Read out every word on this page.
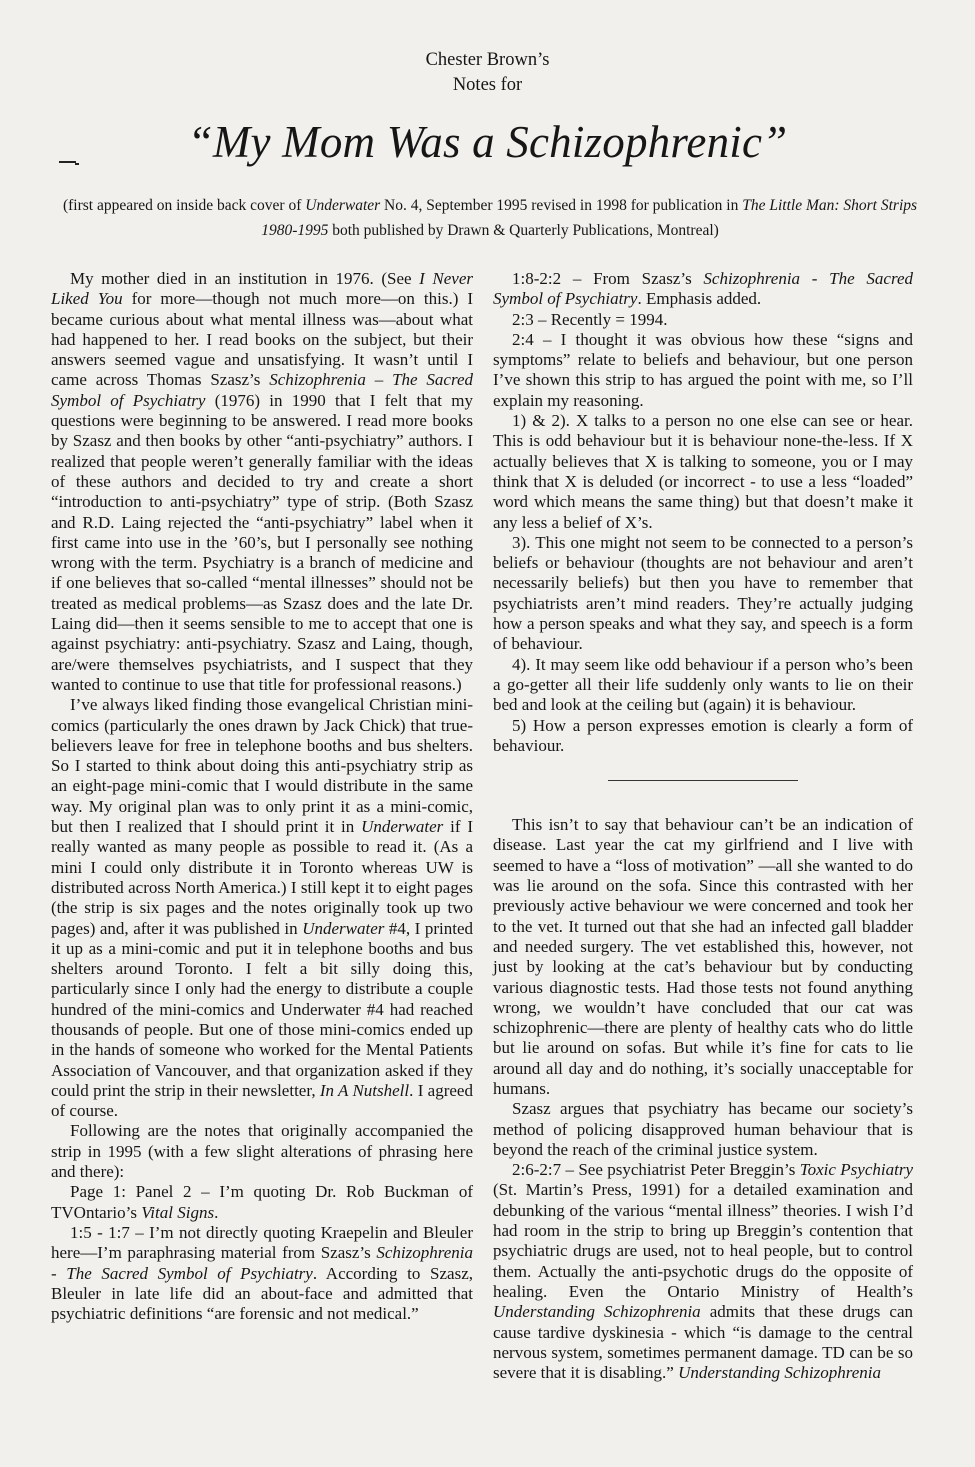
Chester Brown’s
Notes for
“My Mom Was a Schizophrenic”
(first appeared on inside back cover of Underwater No. 4, September 1995 revised in 1998 for publication in The Little Man: Short Strips 1980-1995 both published by Drawn & Quarterly Publications, Montreal)

My mother died in an institution in 1976. (See I Never Liked You for more—though not much more—on this.) I became curious about what mental illness was—about what had happened to her. I read books on the subject, but their answers seemed vague and unsatisfying. It wasn’t until I came across Thomas Szasz’s Schizophrenia – The Sacred Symbol of Psychiatry (1976) in 1990 that I felt that my questions were beginning to be answered. I read more books by Szasz and then books by other “anti-psychiatry” authors. I realized that people weren’t generally familiar with the ideas of these authors and decided to try and create a short “introduction to anti-psychiatry” type of strip. (Both Szasz and R.D. Laing rejected the “anti-psychiatry” label when it first came into use in the ’60’s, but I personally see nothing wrong with the term. Psychiatry is a branch of medicine and if one believes that so-called “mental illnesses” should not be treated as medical problems—as Szasz does and the late Dr. Laing did—then it seems sensible to me to accept that one is against psychiatry: anti-psychiatry. Szasz and Laing, though, are/were themselves psychiatrists, and I suspect that they wanted to continue to use that title for professional reasons.)

I’ve always liked finding those evangelical Christian mini-comics (particularly the ones drawn by Jack Chick) that true-believers leave for free in telephone booths and bus shelters. So I started to think about doing this anti-psychiatry strip as an eight-page mini-comic that I would distribute in the same way. My original plan was to only print it as a mini-comic, but then I realized that I should print it in Underwater if I really wanted as many people as possible to read it. (As a mini I could only distribute it in Toronto whereas UW is distributed across North America.) I still kept it to eight pages (the strip is six pages and the notes originally took up two pages) and, after it was published in Underwater #4, I printed it up as a mini-comic and put it in telephone booths and bus shelters around Toronto. I felt a bit silly doing this, particularly since I only had the energy to distribute a couple hundred of the mini-comics and Underwater #4 had reached thousands of people. But one of those mini-comics ended up in the hands of someone who worked for the Mental Patients Association of Vancouver, and that organization asked if they could print the strip in their newsletter, In A Nutshell. I agreed of course.

Following are the notes that originally accompanied the strip in 1995 (with a few slight alterations of phrasing here and there):

Page 1: Panel 2 – I’m quoting Dr. Rob Buckman of TVOntario’s Vital Signs.

1:5 - 1:7 – I’m not directly quoting Kraepelin and Bleuler here—I’m paraphrasing material from Szasz’s Schizophrenia - The Sacred Symbol of Psychiatry. According to Szasz, Bleuler in late life did an about-face and admitted that psychiatric definitions “are forensic and not medical.”

1:8-2:2 – From Szasz’s Schizophrenia - The Sacred Symbol of Psychiatry. Emphasis added.

2:3 – Recently = 1994.

2:4 – I thought it was obvious how these “signs and symptoms” relate to beliefs and behaviour, but one person I’ve shown this strip to has argued the point with me, so I’ll explain my reasoning.

1) & 2). X talks to a person no one else can see or hear. This is odd behaviour but it is behaviour none-the-less. If X actually believes that X is talking to someone, you or I may think that X is deluded (or incorrect - to use a less “loaded” word which means the same thing) but that doesn’t make it any less a belief of X’s.

3). This one might not seem to be connected to a person’s beliefs or behaviour (thoughts are not behaviour and aren’t necessarily beliefs) but then you have to remember that psychiatrists aren’t mind readers. They’re actually judging how a person speaks and what they say, and speech is a form of behaviour.

4). It may seem like odd behaviour if a person who’s been a go-getter all their life suddenly only wants to lie on their bed and look at the ceiling but (again) it is behaviour.

5) How a person expresses emotion is clearly a form of behaviour.

This isn’t to say that behaviour can’t be an indication of disease. Last year the cat my girlfriend and I live with seemed to have a “loss of motivation” —all she wanted to do was lie around on the sofa. Since this contrasted with her previously active behaviour we were concerned and took her to the vet. It turned out that she had an infected gall bladder and needed surgery. The vet established this, however, not just by looking at the cat’s behaviour but by conducting various diagnostic tests. Had those tests not found anything wrong, we wouldn’t have concluded that our cat was schizophrenic—there are plenty of healthy cats who do little but lie around on sofas. But while it’s fine for cats to lie around all day and do nothing, it’s socially unacceptable for humans.

Szasz argues that psychiatry has became our society’s method of policing disapproved human behaviour that is beyond the reach of the criminal justice system.

2:6-2:7 – See psychiatrist Peter Breggin’s Toxic Psychiatry (St. Martin’s Press, 1991) for a detailed examination and debunking of the various “mental illness” theories. I wish I’d had room in the strip to bring up Breggin’s contention that psychiatric drugs are used, not to heal people, but to control them. Actually the anti-psychotic drugs do the opposite of healing. Even the Ontario Ministry of Health’s Understanding Schizophrenia admits that these drugs can cause tardive dyskinesia - which “is damage to the central nervous system, sometimes permanent damage. TD can be so severe that it is disabling.” Understanding Schizophrenia
